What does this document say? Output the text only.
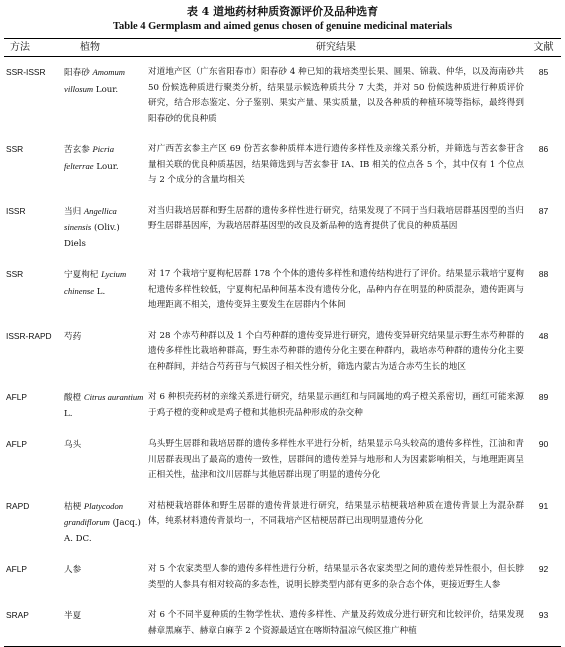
表 4 道地药材种质资源评价及品种选育
Table 4 Germplasm and aimed genus chosen of genuine medicinal materials
方法	植物	研究结果	文献
SSR-ISSR	阳春砂 Amomum villosum Lour.	对道地产区（广东省阳春市）阳春砂 4 种已知的栽培类型长果、圆果、锦栽、仲华，以及海南砂共 50 份候选种质进行聚类分析，结果显示候选种质共分 7 大类，并对 50 份候选种质进行种质评价研究，结合形态鉴定、分子鉴别、果实产量、果实质量，以及各种质的种植环境等指标，最终得到阳春砂的优良种质	85
SSR	苦玄参 Picria felterrae Lour.	对广西苦玄参主产区 69 份苦玄参种质样本进行遗传多样性及亲缘关系分析，并筛选与苦玄参苷含量相关联的优良种质基因，结果筛选到与苦玄参苷 IA、IB 相关的位点各 5 个，其中仅有 1 个位点与 2 个成分的含量均相关	86
ISSR	当归 Angellica sinensis (Oliv.) Diels	对当归栽培居群和野生居群的遗传多样性进行研究，结果发现了不同于当归栽培居群基因型的当归野生居群基因库，为栽培居群基因型的改良及新品种的选育提供了优良的种质基因	87
SSR	宁夏枸杞 Lycium chinense L.	对 17 个栽培宁夏枸杞居群 178 个个体的遗传多样性和遗传结构进行了评价。结果显示栽培宁夏枸杞遗传多样性较低，宁夏枸杞品种间基本没有遗传分化，品种内存在明显的种质混杂，遗传距离与地理距离不相关，遗传变异主要发生在居群内个体间	88
ISSR-RAPD	芍药	对 28 个赤芍种群以及 1 个白芍种群的遗传变异进行研究，遗传变异研究结果显示野生赤芍种群的遗传多样性比栽培种群高，野生赤芍种群的遗传分化主要在种群内，栽培赤芍种群的遗传分化主要在种群间，并结合芍药苷与气候因子相关性分析，筛选内蒙古为适合赤芍生长的地区	48
AFLP	酸橙 Citrus aurantium L.	对 6 种枳壳药材的亲缘关系进行研究，结果显示画红和与同属地的鸡子橙关系密切，画红可能来源于鸡子橙的变种或是鸡子橙和其他枳壳品种形成的杂交种	89
AFLP	乌头	乌头野生居群和栽培居群的遗传多样性水平进行分析，结果显示乌头较高的遗传多样性，江油和青川居群表现出了最高的遗传一致性，居群间的遗传差异与地形和人为因素影响相关，与地理距离呈正相关性，盐津和汶川居群与其他居群出现了明显的遗传分化	90
RAPD	桔梗 Platycodon grandiflorum (Jacq.) A. DC.	对桔梗栽培群体和野生居群的遗传背景进行研究，结果显示桔梗栽培种质在遗传背景上为混杂群体，纯系材料遗传背景均一，不同栽培产区桔梗居群已出现明显遗传分化	91
AFLP	人参	对 5 个农家类型人参的遗传多样性进行分析，结果显示各农家类型之间的遗传差异性很小，但长脖类型的人参具有相对较高的多态性，说明长脖类型内部有更多的杂合态个体，更接近野生人参	92
SRAP	半夏	对 6 个不同半夏种质的生物学性状、遗传多样性、产量及药效成分进行研究和比较评价，结果发现赫章黑麻芋、赫章白麻芋 2 个资源最适宜在喀斯特温凉气候区推广种植	93
